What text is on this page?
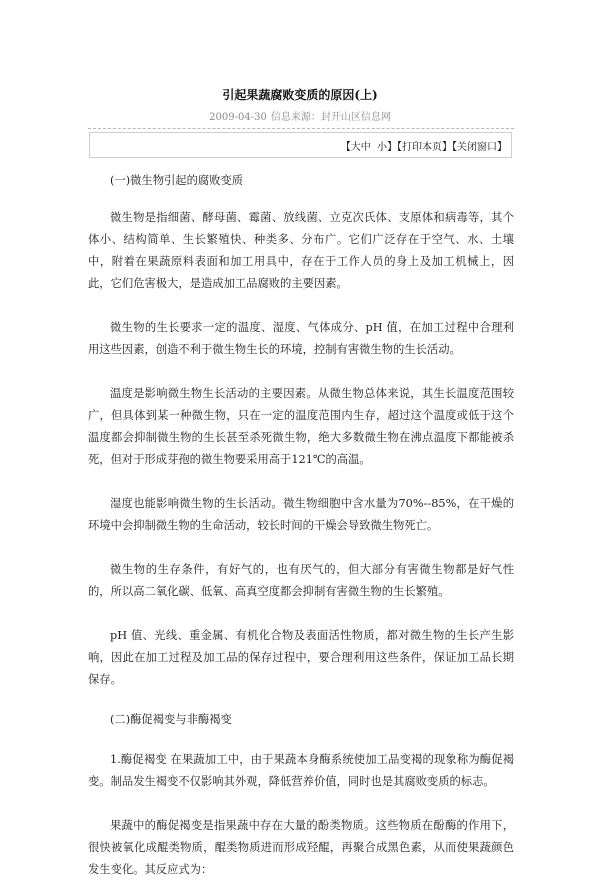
引起果蔬腐败变质的原因(上)
2009-04-30 信息来源：封开山区信息网
【大中 小】【打印本页】【关闭窗口】

(一)微生物引起的腐败变质

微生物是指细菌、酵母菌、霉菌、放线菌、立克次氏体、支原体和病毒等，其个体小、结构简单、生长繁殖快、种类多、分布广。它们广泛存在于空气、水、土壤中，附着在果蔬原料表面和加工用具中，存在于工作人员的身上及加工机械上，因此，它们危害极大，是造成加工品腐败的主要因素。

微生物的生长要求一定的温度、湿度、气体成分、pH 值，在加工过程中合理利用这些因素，创造不利于微生物生长的环境，控制有害微生物的生长活动。

温度是影响微生物生长活动的主要因素。从微生物总体来说，其生长温度范围较广，但具体到某一种微生物，只在一定的温度范围内生存，超过这个温度或低于这个温度都会抑制微生物的生长甚至杀死微生物，绝大多数微生物在沸点温度下都能被杀死，但对于形成芽孢的微生物要采用高于121℃的高温。

湿度也能影响微生物的生长活动。微生物细胞中含水量为70%--85%，在干燥的环境中会抑制微生物的生命活动，较长时间的干燥会导致微生物死亡。

微生物的生存条件，有好气的，也有厌气的，但大部分有害微生物都是好气性的，所以高二氧化碳、低氧、高真空度都会抑制有害微生物的生长繁殖。

pH 值、光线、重金属、有机化合物及表面活性物质，都对微生物的生长产生影响，因此在加工过程及加工品的保存过程中，要合理利用这些条件，保证加工品长期保存。

(二)酶促褐变与非酶褐变

1.酶促褐变 在果蔬加工中，由于果蔬本身酶系统使加工品变褐的现象称为酶促褐变。制品发生褐变不仅影响其外观，降低营养价值，同时也是其腐败变质的标志。

果蔬中的酶促褐变是指果蔬中存在大量的酚类物质。这些物质在酚酶的作用下，很快被氧化成醌类物质，醌类物质进而形成羟醌，再聚合成黑色素，从而使果蔬颜色发生变化。其反应式为：
